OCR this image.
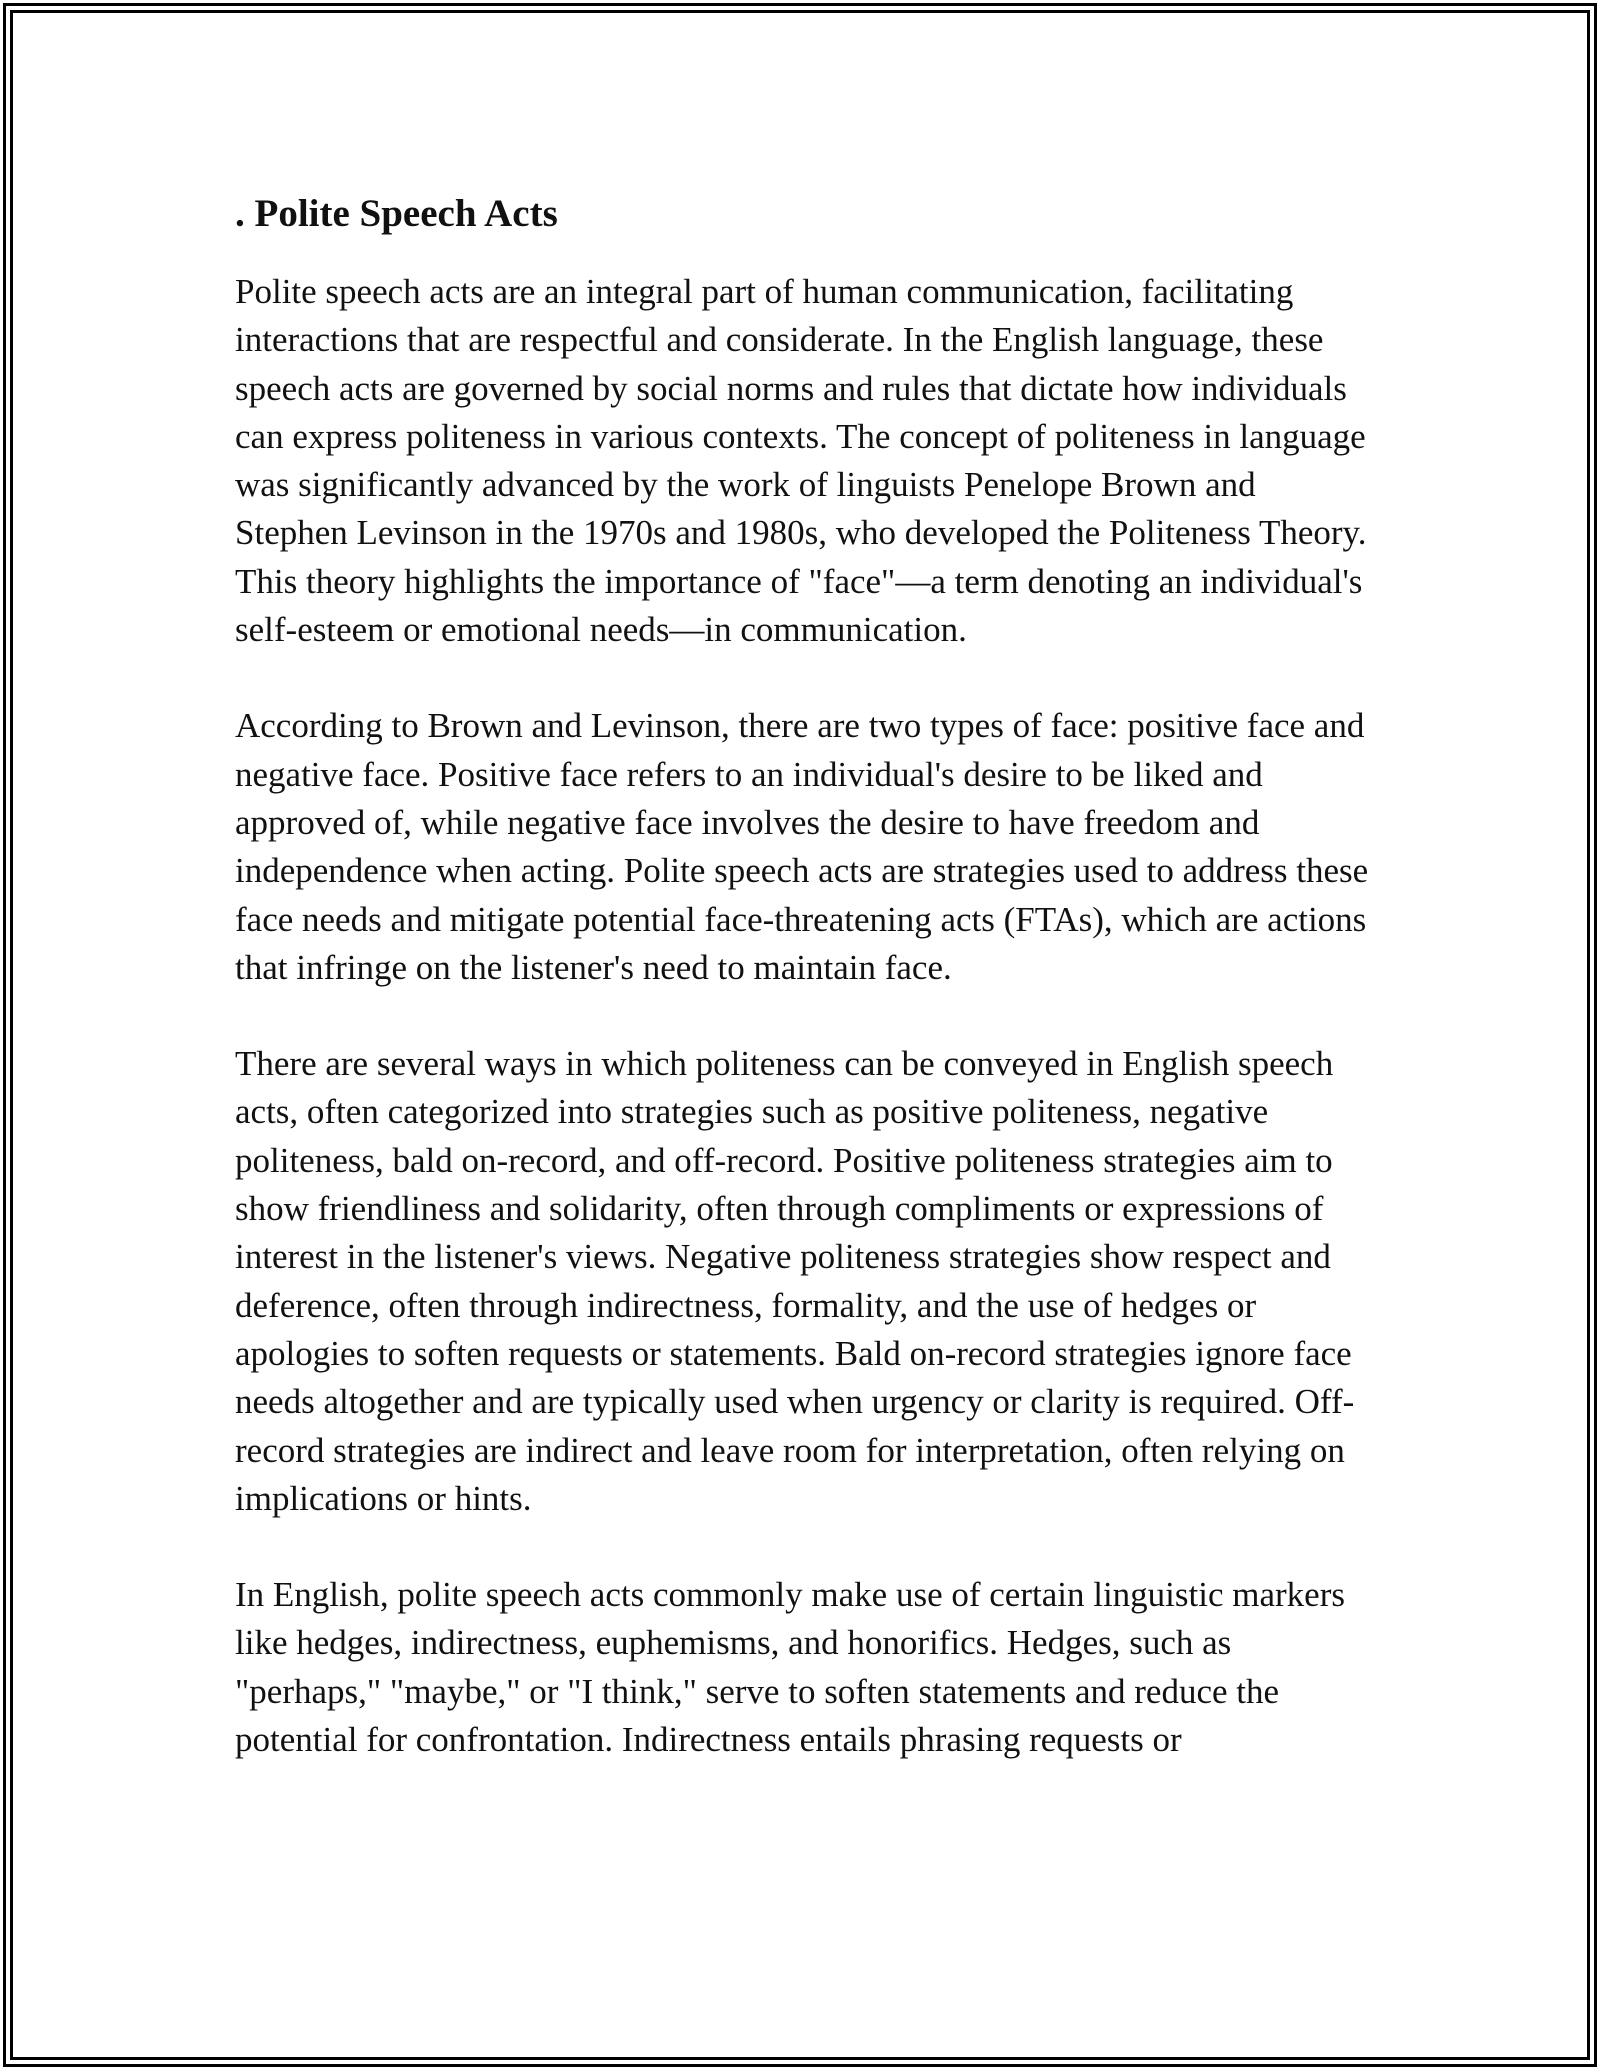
. Polite Speech Acts

Polite speech acts are an integral part of human communication, facilitating interactions that are respectful and considerate. In the English language, these speech acts are governed by social norms and rules that dictate how individuals can express politeness in various contexts. The concept of politeness in language was significantly advanced by the work of linguists Penelope Brown and Stephen Levinson in the 1970s and 1980s, who developed the Politeness Theory. This theory highlights the importance of "face"—a term denoting an individual's self-esteem or emotional needs—in communication.

According to Brown and Levinson, there are two types of face: positive face and negative face. Positive face refers to an individual's desire to be liked and approved of, while negative face involves the desire to have freedom and independence when acting. Polite speech acts are strategies used to address these face needs and mitigate potential face-threatening acts (FTAs), which are actions that infringe on the listener's need to maintain face.

There are several ways in which politeness can be conveyed in English speech acts, often categorized into strategies such as positive politeness, negative politeness, bald on-record, and off-record. Positive politeness strategies aim to show friendliness and solidarity, often through compliments or expressions of interest in the listener's views. Negative politeness strategies show respect and deference, often through indirectness, formality, and the use of hedges or apologies to soften requests or statements. Bald on-record strategies ignore face needs altogether and are typically used when urgency or clarity is required. Off-record strategies are indirect and leave room for interpretation, often relying on implications or hints.

In English, polite speech acts commonly make use of certain linguistic markers like hedges, indirectness, euphemisms, and honorifics. Hedges, such as "perhaps," "maybe," or "I think," serve to soften statements and reduce the potential for confrontation. Indirectness entails phrasing requests or
